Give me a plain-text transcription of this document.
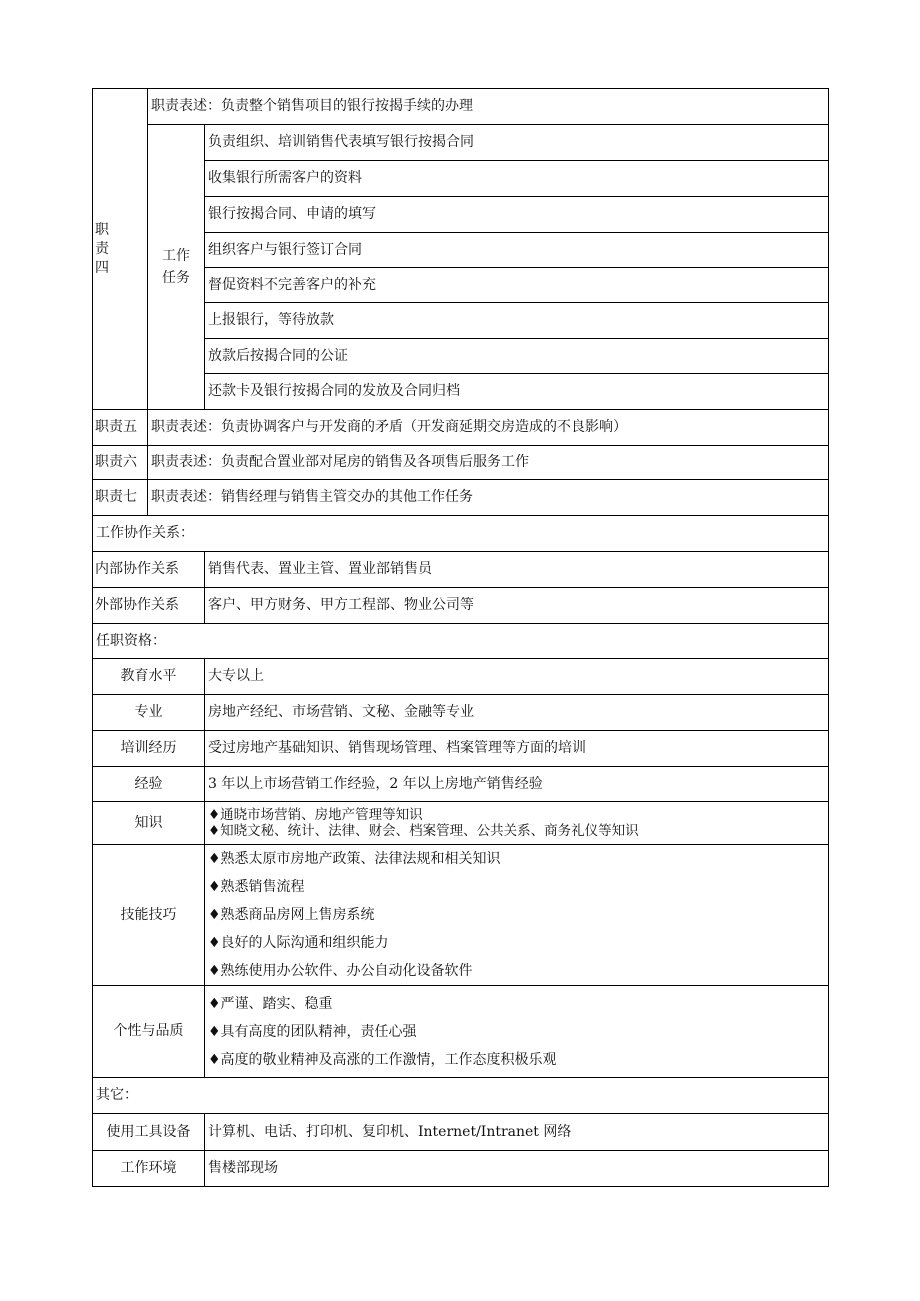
职
责
四	职责表述：负责整个销售项目的银行按揭手续的办理	

	工作
任务	负责组织、培训销售代表填写银行按揭合同
		收集银行所需客户的资料
		银行按揭合同、申请的填写
		组织客户与银行签订合同
		督促资料不完善客户的补充
		上报银行，等待放款
		放款后按揭合同的公证
		还款卡及银行按揭合同的发放及合同归档
职责五	职责表述：负责协调客户与开发商的矛盾（开发商延期交房造成的不良影响）	
职责六	职责表述：负责配合置业部对尾房的销售及各项售后服务工作	
职责七	职责表述：销售经理与销售主管交办的其他工作任务	
工作协作关系：		
内部协作关系		销售代表、置业主管、置业部销售员
外部协作关系		客户、甲方财务、甲方工程部、物业公司等
任职资格：		
教育水平		大专以上
专业		房地产经纪、市场营销、文秘、金融等专业
培训经历		受过房地产基础知识、销售现场管理、档案管理等方面的培训
经验		3 年以上市场营销工作经验，2 年以上房地产销售经验
知识		♦通晓市场营销、房地产管理等知识
♦知晓文秘、统计、法律、财会、档案管理、公共关系、商务礼仪等知识

技能技巧		♦熟悉太原市房地产政策、法律法规和相关知识
♦熟悉销售流程
♦熟悉商品房网上售房系统
♦良好的人际沟通和组织能力
♦熟练使用办公软件、办公自动化设备软件

个性与品质		♦严谨、踏实、稳重
♦具有高度的团队精神，责任心强
♦高度的敬业精神及高涨的工作激情，工作态度积极乐观

其它：		
使用工具设备		计算机、电话、打印机、复印机、Internet/Intranet 网络
工作环境		售楼部现场
